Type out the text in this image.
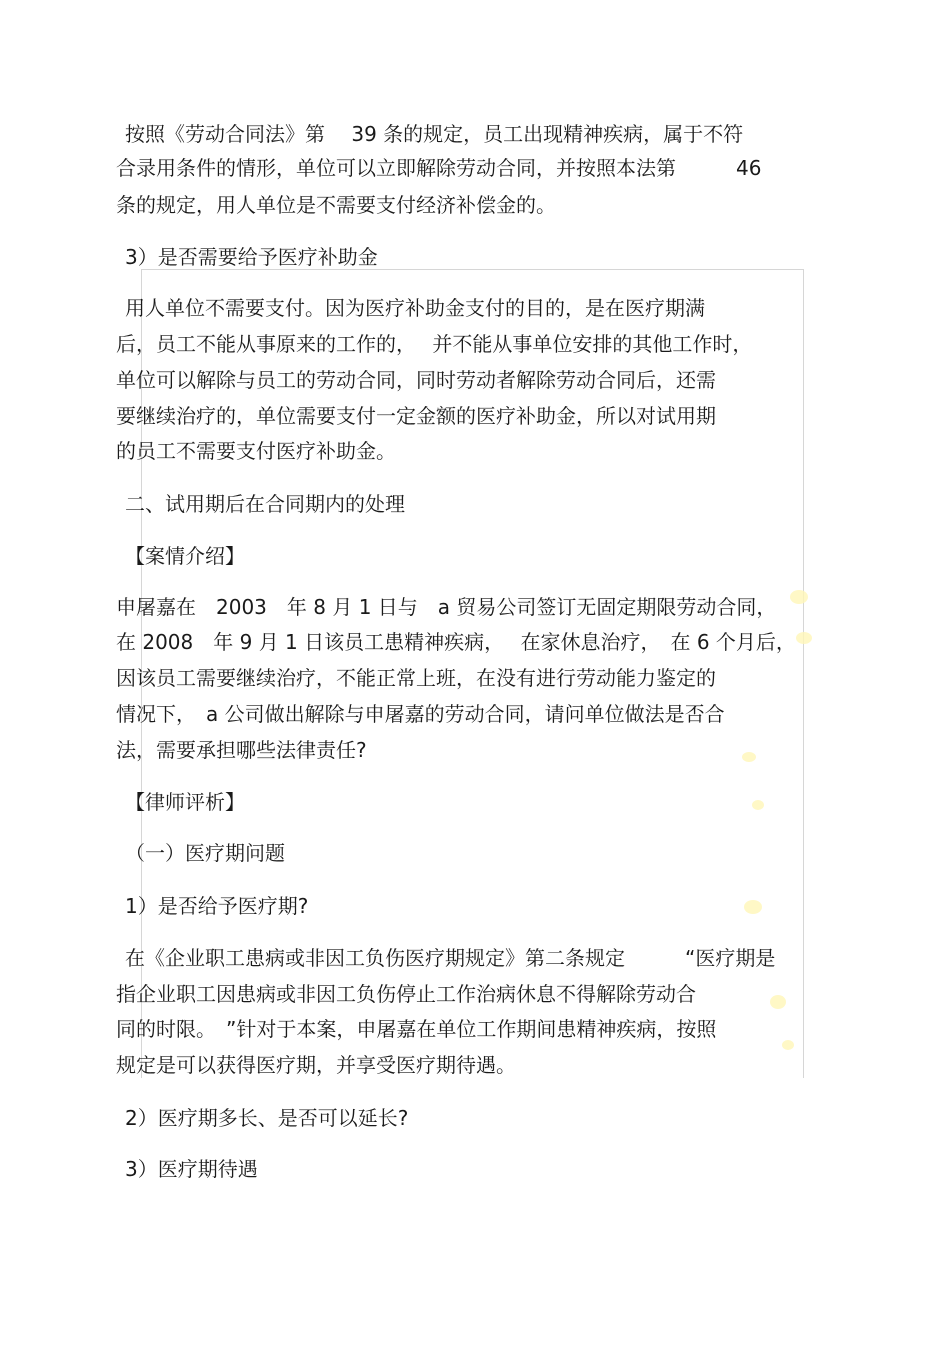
按照《劳动合同法》第　 39 条的规定，员工出现精神疾病，属于不符

合录用条件的情形，单位可以立即解除劳动合同，并按照本法第　　　46

条的规定，用人单位是不需要支付经济补偿金的。

3）是否需要给予医疗补助金

用人单位不需要支付。因为医疗补助金支付的目的，是在医疗期满

后，员工不能从事原来的工作的，　 并不能从事单位安排的其他工作时，

单位可以解除与员工的劳动合同，同时劳动者解除劳动合同后，还需

要继续治疗的，单位需要支付一定金额的医疗补助金，所以对试用期

的员工不需要支付医疗补助金。

二、试用期后在合同期内的处理

【案情介绍】

申屠嘉在　2003　年 8 月 1 日与　a 贸易公司签订无固定期限劳动合同，

在 2008　年 9 月 1 日该员工患精神疾病，　 在家休息治疗，　在 6 个月后，

因该员工需要继续治疗，不能正常上班，在没有进行劳动能力鉴定的

情况下，　a 公司做出解除与申屠嘉的劳动合同，请问单位做法是否合

法，需要承担哪些法律责任?

【律师评析】

（一）医疗期问题

1）是否给予医疗期?

在《企业职工患病或非因工负伤医疗期规定》第二条规定　　　“医疗期是

指企业职工因患病或非因工负伤停止工作治病休息不得解除劳动合

同的时限。　”针对于本案，申屠嘉在单位工作期间患精神疾病，按照

规定是可以获得医疗期，并享受医疗期待遇。

2）医疗期多长、是否可以延长?

3）医疗期待遇
